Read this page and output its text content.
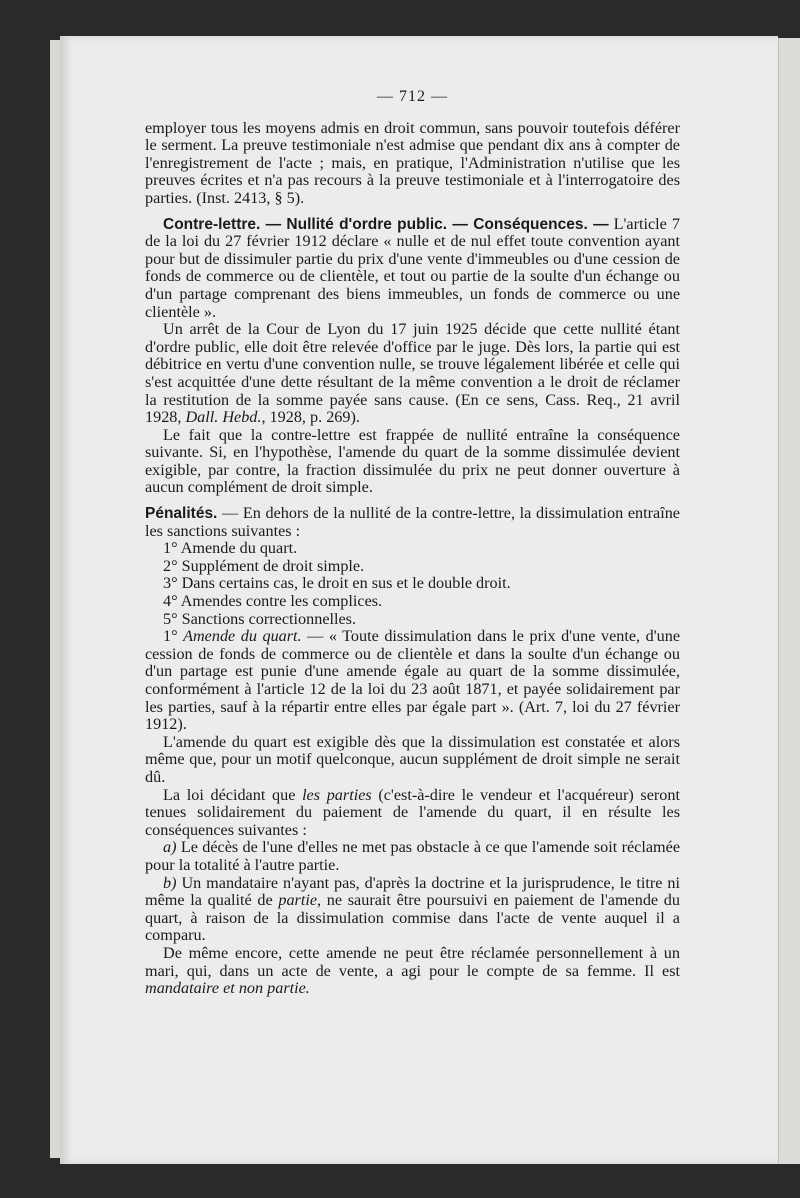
— 712 —

employer tous les moyens admis en droit commun, sans pouvoir toutefois déférer le serment. La preuve testimoniale n'est admise que pendant dix ans à compter de l'enregistrement de l'acte ; mais, en pratique, l'Administration n'utilise que les preuves écrites et n'a pas recours à la preuve testimoniale et à l'interrogatoire des parties. (Inst. 2413, § 5).

Contre-lettre. — Nullité d'ordre public. — Conséquences. — L'article 7 de la loi du 27 février 1912 déclare « nulle et de nul effet toute convention ayant pour but de dissimuler partie du prix d'une vente d'immeubles ou d'une cession de fonds de commerce ou de clientèle, et tout ou partie de la soulte d'un échange ou d'un partage comprenant des biens immeubles, un fonds de commerce ou une clientèle ».

Un arrêt de la Cour de Lyon du 17 juin 1925 décide que cette nullité étant d'ordre public, elle doit être relevée d'office par le juge. Dès lors, la partie qui est débitrice en vertu d'une convention nulle, se trouve légalement libérée et celle qui s'est acquittée d'une dette résultant de la même convention a le droit de réclamer la restitution de la somme payée sans cause. (En ce sens, Cass. Req., 21 avril 1928, Dall. Hebd., 1928, p. 269).

Le fait que la contre-lettre est frappée de nullité entraîne la conséquence suivante. Si, en l'hypothèse, l'amende du quart de la somme dissimulée devient exigible, par contre, la fraction dissimulée du prix ne peut donner ouverture à aucun complément de droit simple.

Pénalités. — En dehors de la nullité de la contre-lettre, la dissimulation entraîne les sanctions suivantes :

1° Amende du quart.

2° Supplément de droit simple.

3° Dans certains cas, le droit en sus et le double droit.

4° Amendes contre les complices.

5° Sanctions correctionnelles.

1° Amende du quart. — « Toute dissimulation dans le prix d'une vente, d'une cession de fonds de commerce ou de clientèle et dans la soulte d'un échange ou d'un partage est punie d'une amende égale au quart de la somme dissimulée, conformément à l'article 12 de la loi du 23 août 1871, et payée solidairement par les parties, sauf à la répartir entre elles par égale part ». (Art. 7, loi du 27 février 1912).

L'amende du quart est exigible dès que la dissimulation est constatée et alors même que, pour un motif quelconque, aucun supplément de droit simple ne serait dû.

La loi décidant que les parties (c'est-à-dire le vendeur et l'acquéreur) seront tenues solidairement du paiement de l'amende du quart, il en résulte les conséquences suivantes :

a) Le décès de l'une d'elles ne met pas obstacle à ce que l'amende soit réclamée pour la totalité à l'autre partie.

b) Un mandataire n'ayant pas, d'après la doctrine et la jurisprudence, le titre ni même la qualité de partie, ne saurait être poursuivi en paiement de l'amende du quart, à raison de la dissimulation commise dans l'acte de vente auquel il a comparu.

De même encore, cette amende ne peut être réclamée personnellement à un mari, qui, dans un acte de vente, a agi pour le compte de sa femme. Il est mandataire et non partie.
